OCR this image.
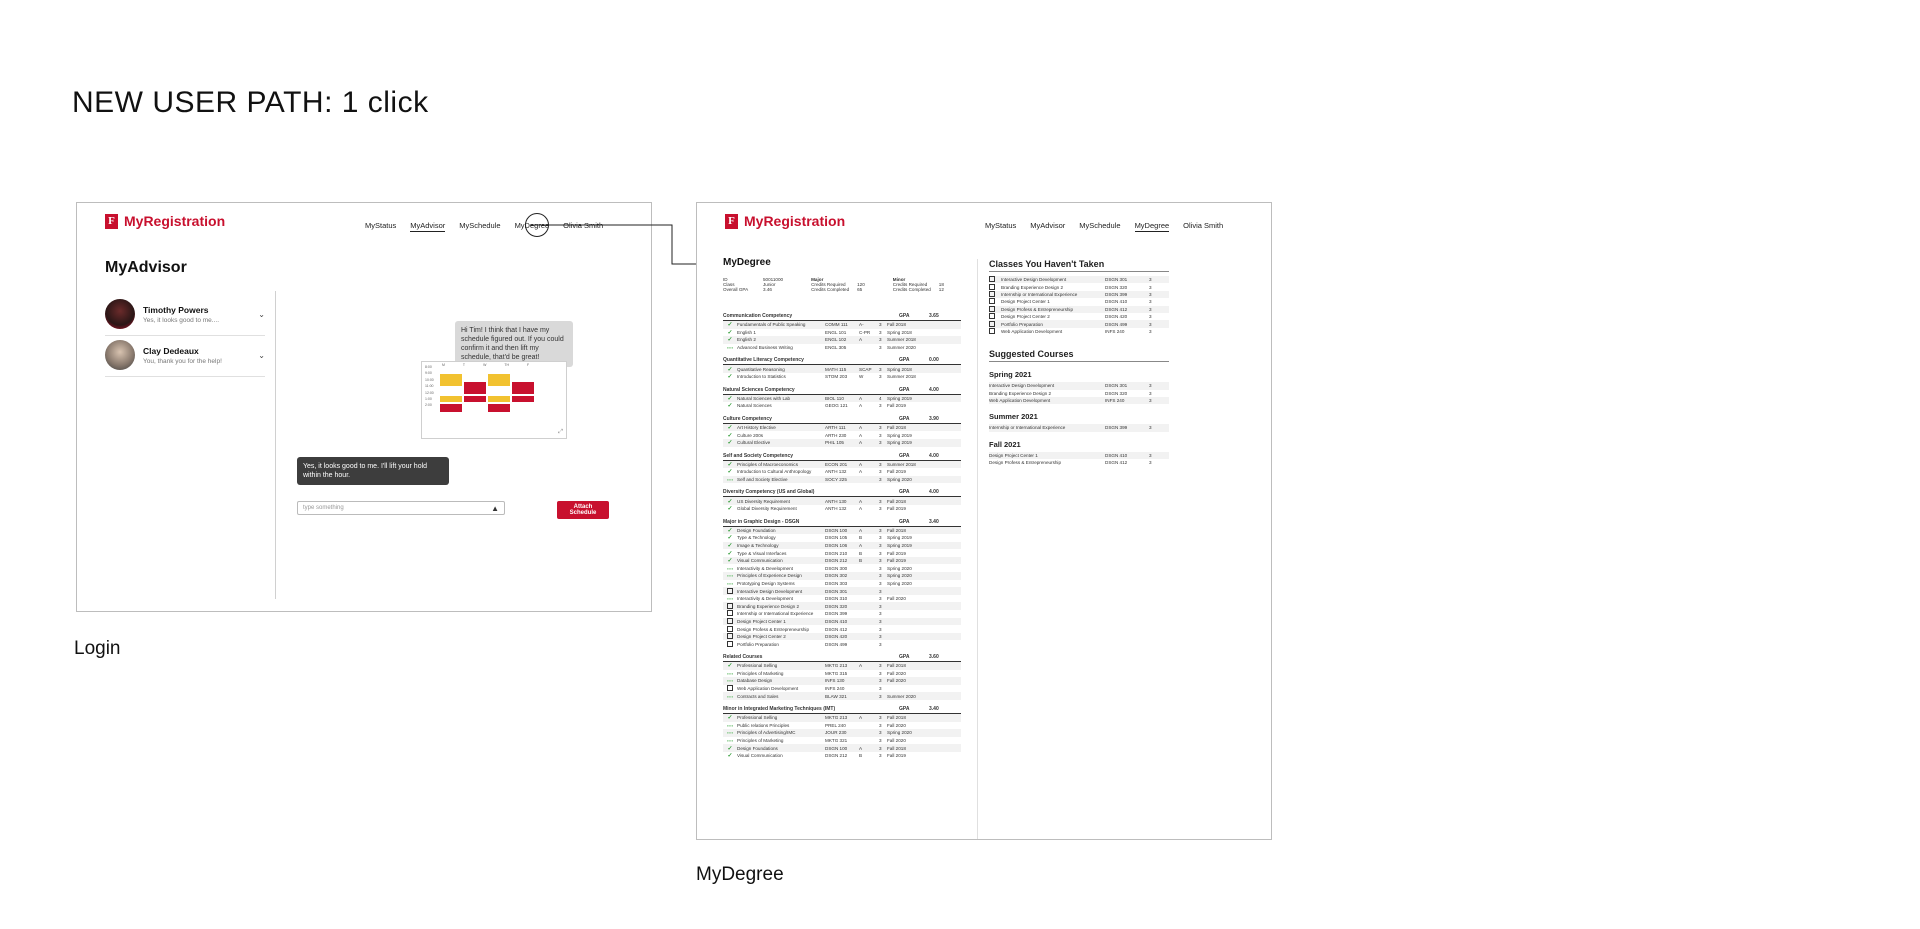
NEW USER PATH: 1 click
F MyRegistration	MyStatus MyAdvisor MySchedule MyDegree Olivia Smith
MyAdvisor
Timothy Powers
Yes, it looks good to me....
⌄
Clay Dedeaux
You, thank you for the help!
⌄
Hi Tim! I think that I have my schedule figured out. If you could confirm it and then lift my schedule, that'd be great!
8:00
9:00
10:00
11:00
12:00
1:00
2:00
M	T	W	TH	F
⤢
Yes, it looks good to me. I'll lift your hold within the hour.
type something	▲	Attach Schedule
Login
F MyRegistration	MyStatus MyAdvisor MySchedule MyDegree Olivia Smith
MyDegree
ID	50011000
Class	Junior
Overall GPA	3.46
Major
Credits Required	120
Credits Completed 65
Minor
Credits Required	18
Credits Completed 12
Communication Competency	GPA	3.65
✓ Fundamentals of Public Speaking	COMM 111	A-	3	Fall 2018
✓ English 1	ENGL 101	C-PR	3	Spring 2018
✓ English 2	ENGL 102	A	3	Summer 2018
●●● Advanced Business Writing	ENGL 305	3	Summer 2020
Quantitative Literacy Competency	GPA	0.00
✓ Quantitative Reasoning	MATH 115	SCAP	3	Spring 2018
✓ Introduction to Statistics	STOM 203	W	3	Summer 2018
Natural Sciences Competency	GPA	4.00
✓ Natural Sciences with Lab	BIOL 110	A	4	Spring 2019
✓ Natural Sciences	GEOG 121	A	3	Fall 2019
Culture Competency	GPA	3.90
✓ Art History Elective	ARTH 111	A	3	Fall 2018
✓ Culture 200s	ARTH 230	A	3	Spring 2019
✓ Cultural Elective	PHIL 105	A	3	Spring 2019
Self and Society Competency	GPA	4.00
✓ Principles of Macroeconomics	ECON 201	A	3	Summer 2018
✓ Introduction to Cultural Anthropology	ANTH 132	A	3	Fall 2019
●●● Self and Society Elective	SOCY 225	3	Spring 2020
Diversity Competency (US and Global)	GPA	4.00
✓ US Diversity Requirement	ANTH 130	A	3	Fall 2018
✓ Global Diversity Requirement	ANTH 132	A	3	Fall 2019
Major in Graphic Design - DSGN	GPA	3.40
✓ Design Foundation	DSGN 100	A	3	Fall 2018
✓ Type & Technology	DSGN 105	B	3	Spring 2019
✓ Image & Technology	DSGN 106	A	3	Spring 2019
✓ Type & Visual Interfaces	DSGN 210	B	3	Fall 2019
✓ Visual Communication	DSGN 212	B	3	Fall 2019
●●● Interactivity & Development	DSGN 300	3	Spring 2020
●●● Principles of Experience Design	DSGN 302	3	Spring 2020
●●● Prototyping Design Systems	DSGN 303	3	Spring 2020
Interactive Design Development	DSGN 301	3
●●● Interactivity & Development	DSGN 310	3	Fall 2020
Branding Experience Design 2	DSGN 320	3
Internship or International Experience	DSGN 399	3
Design Project Center 1	DSGN 410	3
Design Profess & Entrepreneurship	DSGN 412	3
Design Project Center 2	DSGN 420	3
Portfolio Preparation	DSGN 499	3
Related Courses	GPA	3.60
✓ Professional Selling	MKTG 213	A	3	Fall 2018
●●● Principles of Marketing	MKTG 315	3	Fall 2020
●●● Database Design	INFS 130	3	Fall 2020
Web Application Development	INFS 240	3
●●● Contracts and Sales	BLAW 321	3	Summer 2020
Minor in Integrated Marketing Techniques (IMT)	GPA	3.40
✓ Professional Selling	MKTG 213	A	3	Fall 2018
●●● Public relations Principles	PREL 240	3	Fall 2020
●●● Principles of Advertising/IMC	JOUR 230	3	Spring 2020
●●● Principles of Marketing	MKTG 321	3	Fall 2020
✓ Design Foundations	DSGN 100	A	3	Fall 2018
✓ Visual Communication	DSGN 212	B	3	Fall 2019
Classes You Haven't Taken
Interactive Design Development	DSGN 301	3
Branding Experience Design 2	DSGN 320	3
Internship or International Experience	DSGN 399	3
Design Project Center 1	DSGN 410	3
Design Profess & Entrepreneurship	DSGN 412	3
Design Project Center 2	DSGN 420	3
Portfolio Preparation	DSGN 499	3
Web Application Development	INFS 240	3
Suggested Courses
Spring 2021
Interactive Design Development	DSGN 301	3
Branding Experience Design 2	DSGN 320	3
Web Application Development	INFS 240	3
Summer 2021
Internship or International Experience	DSGN 399	3
Fall 2021
Design Project Center 1	DSGN 410	3
Design Profess & Entrepreneurship	DSGN 412	3
MyDegree
